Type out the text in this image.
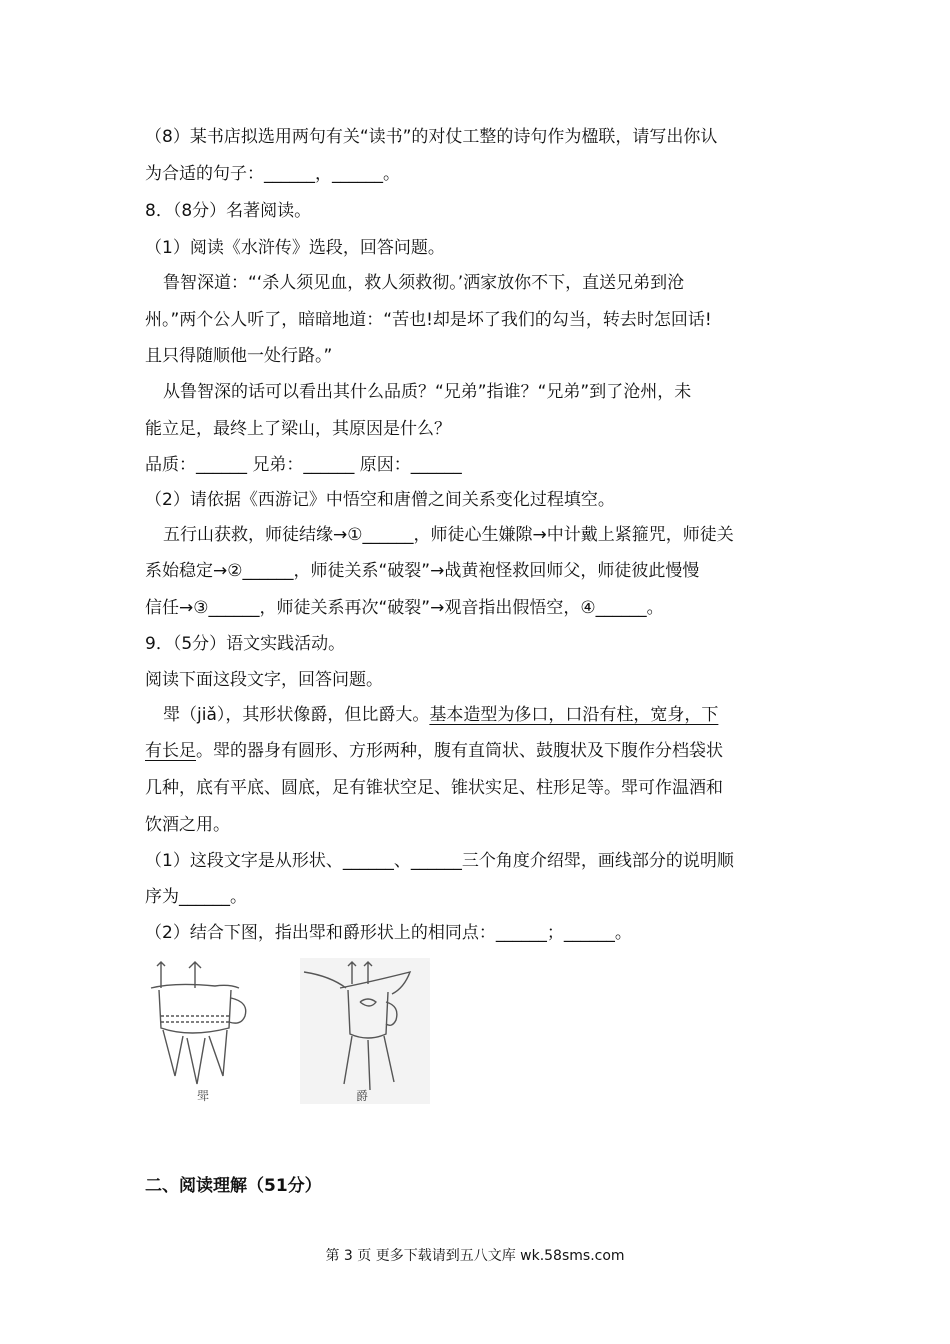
（8）某书店拟选用两句有关“读书”的对仗工整的诗句作为楹联，请写出你认
为合适的句子：______，______。
8．（8分）名著阅读。
（1）阅读《水浒传》选段，回答问题。
鲁智深道：“‘杀人须见血，救人须救彻。’洒家放你不下，直送兄弟到沧
州。”两个公人听了，暗暗地道：“苦也!却是坏了我们的勾当，转去时怎回话!
且只得随顺他一处行路。”
从鲁智深的话可以看出其什么品质？“兄弟”指谁？“兄弟”到了沧州，未
能立足，最终上了梁山，其原因是什么？
品质：______ 兄弟：______ 原因：______
（2）请依据《西游记》中悟空和唐僧之间关系变化过程填空。
五行山获救，师徒结缘→①______，师徒心生嫌隙→中计戴上紧箍咒，师徒关
系始稳定→②______，师徒关系“破裂”→战黄袍怪救回师父，师徒彼此慢慢
信任→③______，师徒关系再次“破裂”→观音指出假悟空，④______。
9．（5分）语文实践活动。
阅读下面这段文字，回答问题。
斝（jiǎ），其形状像爵，但比爵大。基本造型为侈口，口沿有柱，宽身，下
有长足。斝的器身有圆形、方形两种，腹有直筒状、鼓腹状及下腹作分档袋状
几种，底有平底、圆底，足有锥状空足、锥状实足、柱形足等。斝可作温酒和
饮酒之用。
（1）这段文字是从形状、______、______三个角度介绍斝，画线部分的说明顺
序为______。
（2）结合下图，指出斝和爵形状上的相同点：______；______。
斝	爵
二、阅读理解（51分）
第 3 页 更多下载请到五八文库 wk.58sms.com
